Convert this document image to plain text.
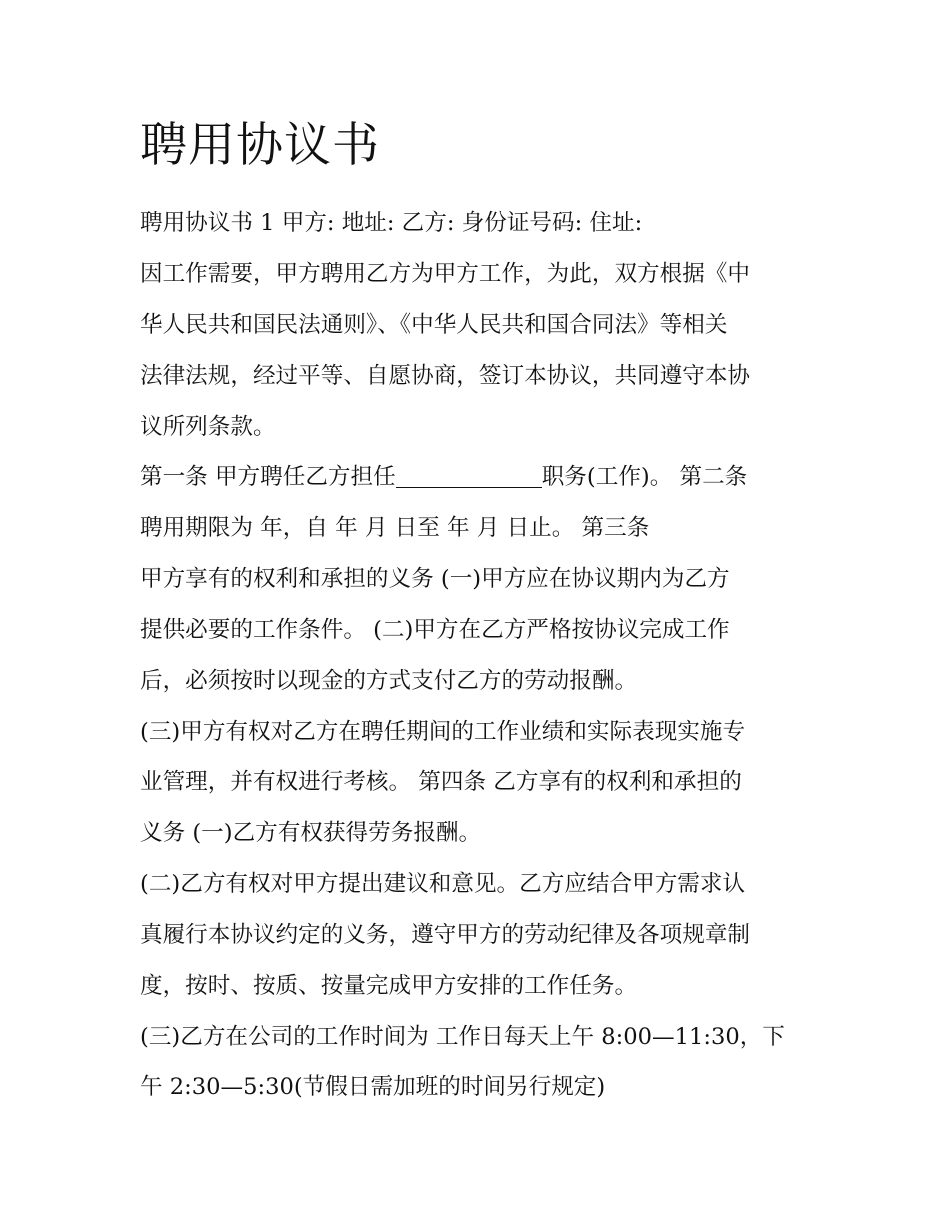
聘用协议书

聘用协议书 1 甲方: 地址: 乙方: 身份证号码: 住址:

因工作需要，甲方聘用乙方为甲方工作，为此，双方根据《中

华人民共和国民法通则》、《中华人民共和国合同法》等相关

法律法规，经过平等、自愿协商，签订本协议，共同遵守本协

议所列条款。

第一条 甲方聘任乙方担任	职务(工作)。 第二条

聘用期限为 年，自 年 月 日至 年 月 日止。 第三条

甲方享有的权利和承担的义务 (一)甲方应在协议期内为乙方

提供必要的工作条件。 (二)甲方在乙方严格按协议完成工作

后，必须按时以现金的方式支付乙方的劳动报酬。

(三)甲方有权对乙方在聘任期间的工作业绩和实际表现实施专

业管理，并有权进行考核。 第四条 乙方享有的权利和承担的

义务 (一)乙方有权获得劳务报酬。

(二)乙方有权对甲方提出建议和意见。乙方应结合甲方需求认

真履行本协议约定的义务，遵守甲方的劳动纪律及各项规章制

度，按时、按质、按量完成甲方安排的工作任务。

(三)乙方在公司的工作时间为 工作日每天上午 8:00—11:30，下

午 2:30—5:30(节假日需加班的时间另行规定)
